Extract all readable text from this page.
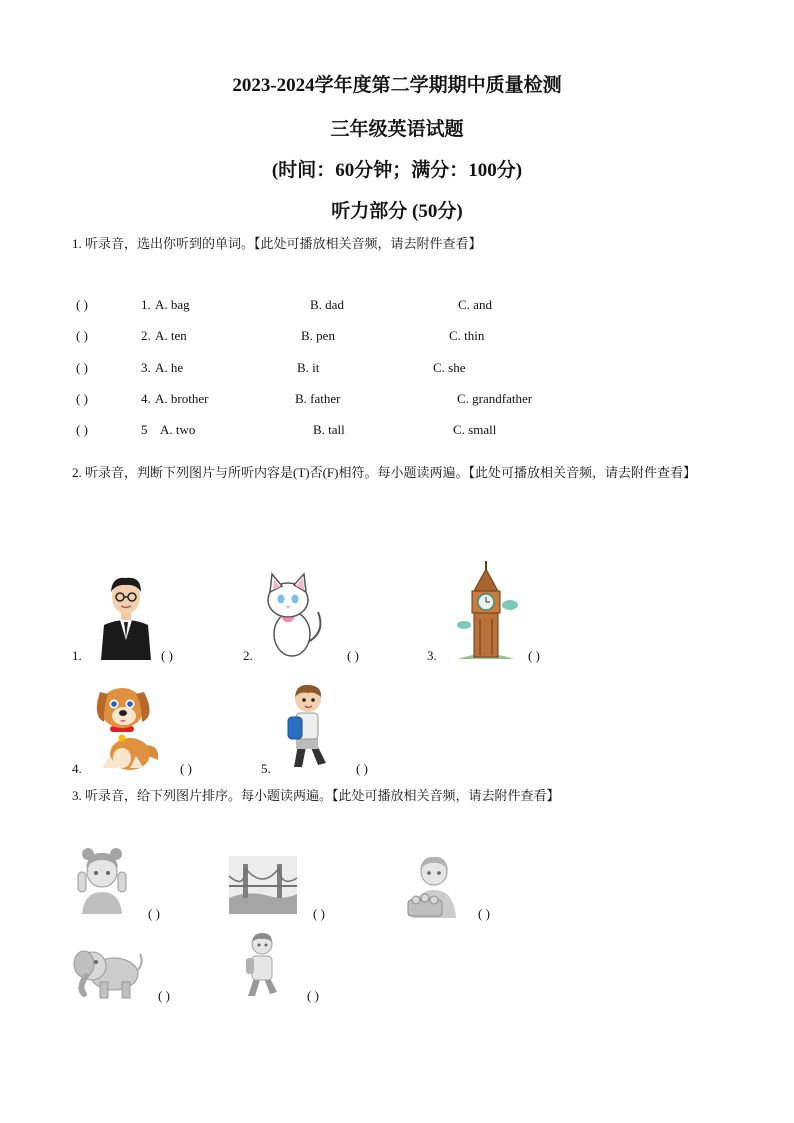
2023-2024学年度第二学期期中质量检测
三年级英语试题
(时间：60分钟；满分：100分)
听力部分 (50分)
1. 听录音，选出你听到的单词。【此处可播放相关音频，请去附件查看】
( )	1. A. bag	B. dad	C. and
( )	2. A. ten	B. pen	C. thin
( )	3. A. he	B. it	C. she
( )	4. A. brother	B. father	C. grandfather
( )	5 A. two	B. tall	C. small
2. 听录音，判断下列图片与所听内容是(T)否(F)相符。每小题读两遍。【此处可播放相关音频，请去附件查看】
1.	( )	2.	( )	3.	( )
4.	( )	5.	( )
3. 听录音，给下列图片排序。每小题读两遍。【此处可播放相关音频，请去附件查看】
( )	( )	( )
( )	( )
